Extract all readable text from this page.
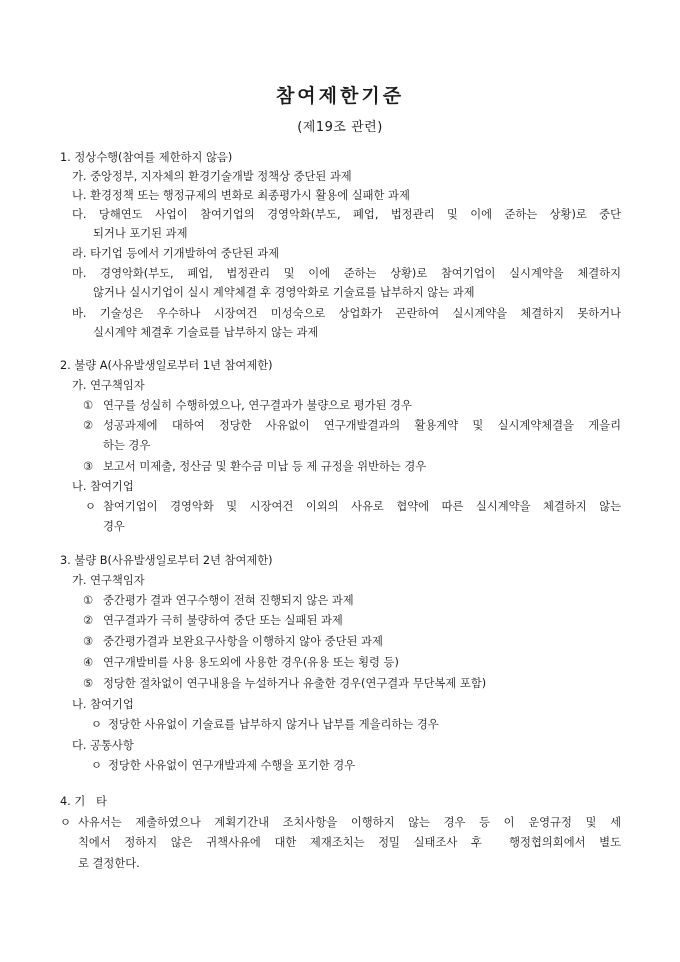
참여제한기준
(제19조 관련)
1. 정상수행(참여를 제한하지 않음)
가. 중앙정부, 지자체의 환경기술개발 정책상 중단된 과제
나. 환경정책 또는 행정규제의 변화로 최종평가시 활용에 실패한 과제
다. 당해연도 사업이 참여기업의 경영악화(부도, 폐업, 법정관리 및 이에 준하는 상황)로 중단
되거나 포기된 과제
라. 타기업 등에서 기개발하여 중단된 과제
마. 경영악화(부도, 폐업, 법정관리 및 이에 준하는 상황)로 참여기업이 실시계약을 체결하지
않거나 실시기업이 실시 계약체결 후 경영악화로 기술료를 납부하지 않는 과제
바. 기술성은 우수하나 시장여건 미성숙으로 상업화가 곤란하여 실시계약을 체결하지 못하거나
실시계약 체결후 기술료를 납부하지 않는 과제
2. 불량 A(사유발생일로부터 1년 참여제한)
가. 연구책임자
① 연구를 성실히 수행하였으나, 연구결과가 불량으로 평가된 경우
② 성공과제에 대하여 정당한 사유없이 연구개발결과의 활용계약 및 실시계약체결을 게을리
하는 경우
③ 보고서 미제출, 정산금 및 환수금 미납 등 제 규정을 위반하는 경우
나. 참여기업
ㅇ 참여기업이 경영악화 및 시장여건 이외의 사유로 협약에 따른 실시계약을 체결하지 않는
경우
3. 불량 B(사유발생일로부터 2년 참여제한)
가. 연구책임자
① 중간평가 결과 연구수행이 전혀 진행되지 않은 과제
② 연구결과가 극히 불량하여 중단 또는 실패된 과제
③ 중간평가결과 보완요구사항을 이행하지 않아 중단된 과제
④ 연구개발비를 사용 용도외에 사용한 경우(유용 또는 횡령 등)
⑤ 정당한 절차없이 연구내용을 누설하거나 유출한 경우(연구결과 무단복제 포함)
나. 참여기업
ㅇ 정당한 사유없이 기술료를 납부하지 않거나 납부를 게을리하는 경우
다. 공통사항
ㅇ 정당한 사유없이 연구개발과제 수행을 포기한 경우
4. 기   타
ㅇ 사유서는 제출하였으나 계획기간내 조치사항을 이행하지 않는 경우 등 이 운영규정 및 세
칙에서 정하지 않은 귀책사유에 대한 제재조치는 정밀 실태조사 후  행정협의회에서 별도
로 결정한다.
